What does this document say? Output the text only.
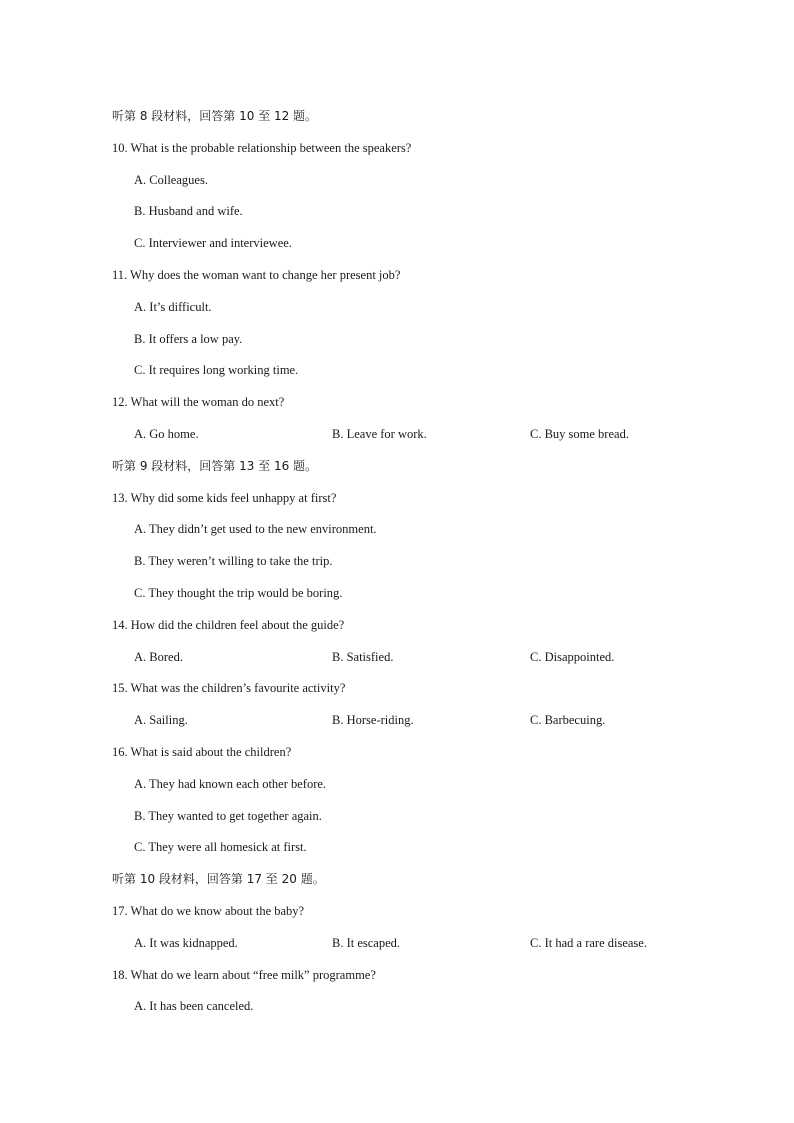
听第 8 段材料，回答第 10 至 12 题。
10. What is the probable relationship between the speakers?
A. Colleagues.
B. Husband and wife.
C. Interviewer and interviewee.
11. Why does the woman want to change her present job?
A. It’s difficult.
B. It offers a low pay.
C. It requires long working time.
12. What will the woman do next?
A. Go home.	B. Leave for work.	C. Buy some bread.
听第 9 段材料，回答第 13 至 16 题。
13. Why did some kids feel unhappy at first?
A. They didn’t get used to the new environment.
B. They weren’t willing to take the trip.
C. They thought the trip would be boring.
14. How did the children feel about the guide?
A. Bored.	B. Satisfied.	C. Disappointed.
15. What was the children’s favourite activity?
A. Sailing.	B. Horse-riding.	C. Barbecuing.
16. What is said about the children?
A. They had known each other before.
B. They wanted to get together again.
C. They were all homesick at first.
听第 10 段材料，回答第 17 至 20 题。
17. What do we know about the baby?
A. It was kidnapped.	B. It escaped.	C. It had a rare disease.
18. What do we learn about “free milk” programme?
A. It has been canceled.
